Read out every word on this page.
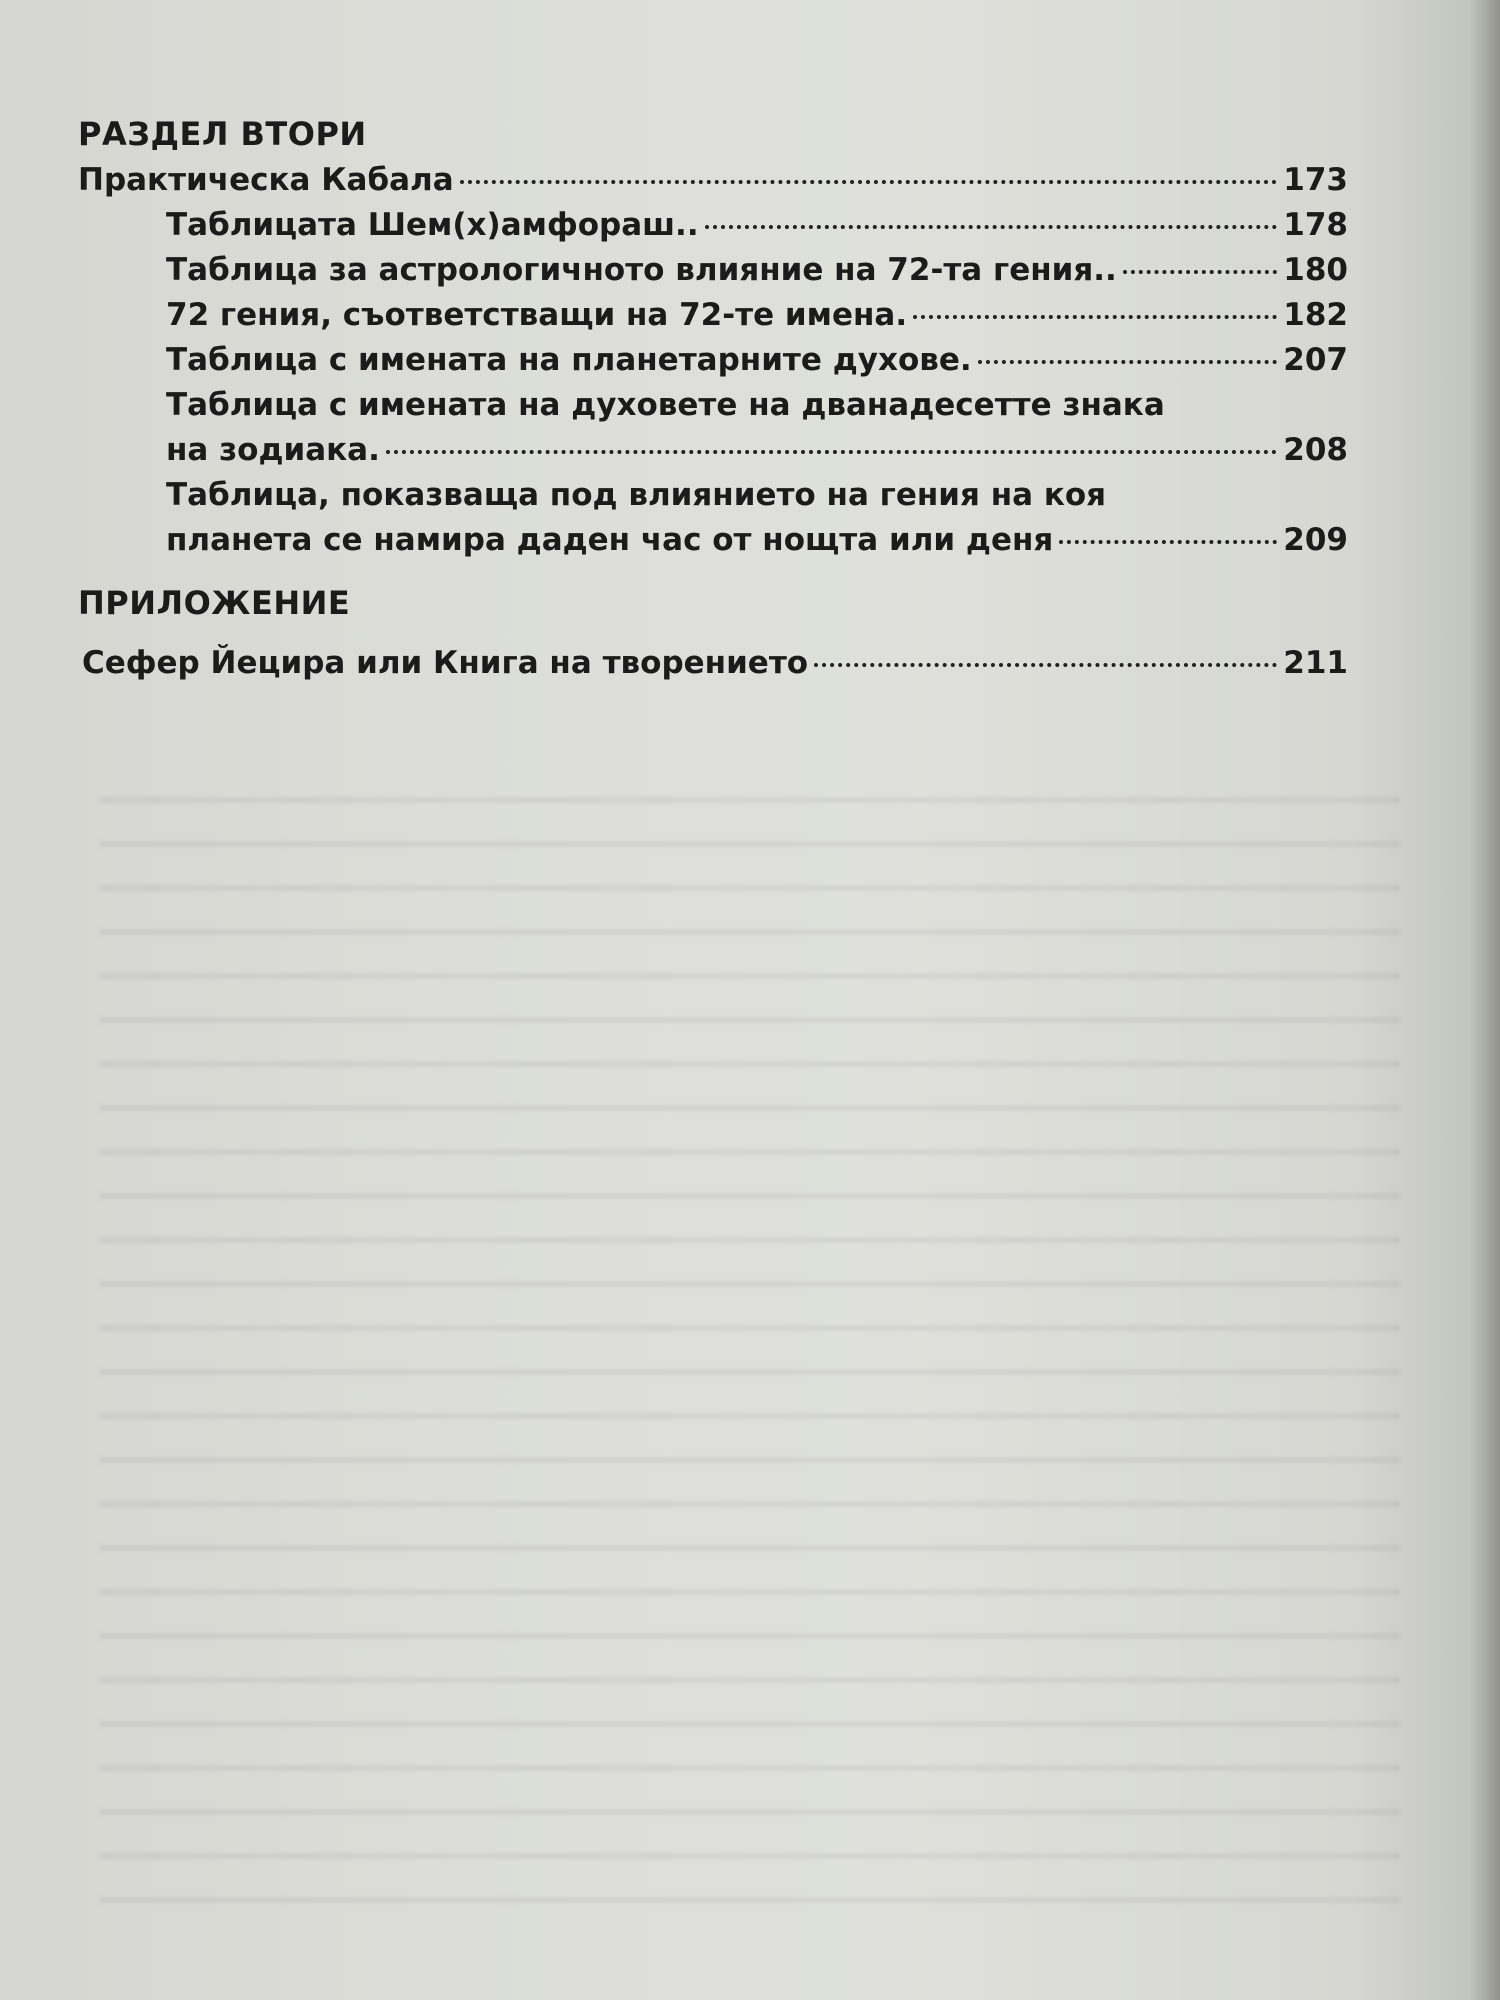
РАЗДЕЛ ВТОРИ
Практическа Кабала	173
Таблицата Шем(х)амфораш..	178
Таблица за астрологичното влияние на 72-та гения..	180
72 гения, съответстващи на 72-те имена.	182
Таблица с имената на планетарните духове.	207
Таблица с имената на духовете на дванадесетте знака
на зодиака.	208
Таблица, показваща под влиянието на гения на коя
планета се намира даден час от нощта или деня	209
ПРИЛОЖЕНИЕ
Сефер Йецира или Книга на творението	211
